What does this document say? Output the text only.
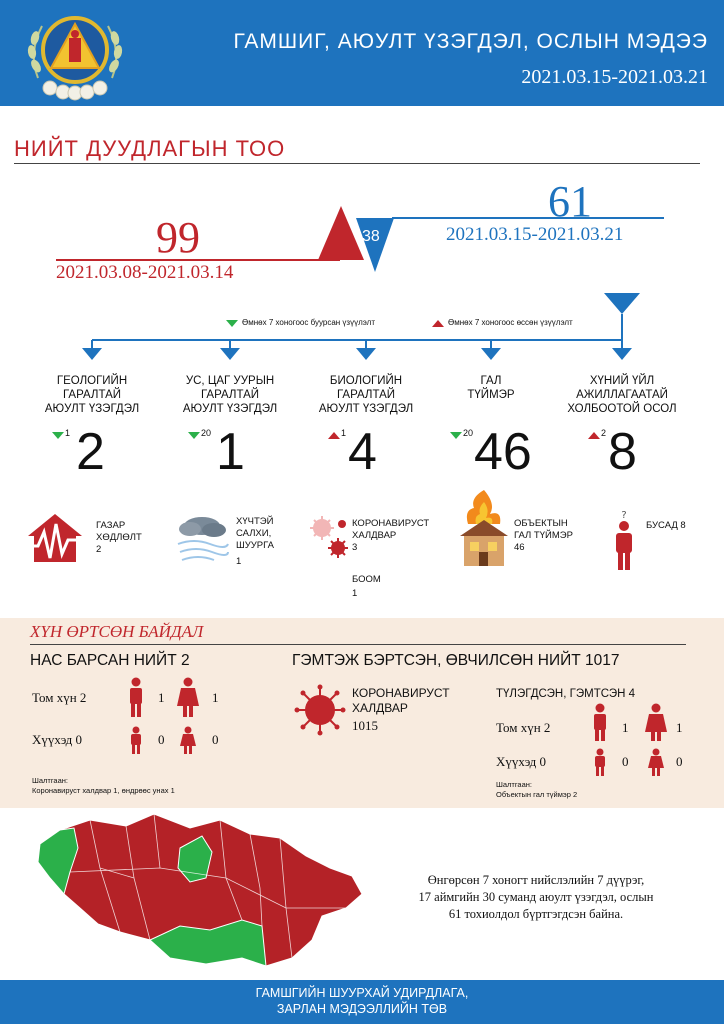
ГАМШИГ, АЮУЛТ ҮЗЭГДЭЛ, ОСЛЫН МЭДЭЭ
2021.03.15-2021.03.21
НИЙТ ДУУДЛАГЫН ТОО
99
2021.03.08-2021.03.14
61
2021.03.15-2021.03.21
38
Өмнөх 7 хоногоос буурсан үзүүлэлт	Өмнөх 7 хоногоос өссөн үзүүлэлт
ГЕОЛОГИЙН
ГАРАЛТАЙ
АЮУЛТ ҮЗЭГДЭЛ
УС, ЦАГ УУРЫН
ГАРАЛТАЙ
АЮУЛТ ҮЗЭГДЭЛ
БИОЛОГИЙН
ГАРАЛТАЙ
АЮУЛТ ҮЗЭГДЭЛ
ГАЛ
ТҮЙМЭР
ХҮНИЙ ҮЙЛ
АЖИЛЛАГААТАЙ
ХОЛБООТОЙ ОСОЛ
1	20	1	20	2
2 1 4 46 8
ГАЗАР
ХӨДЛӨЛТ
2
ХҮЧТЭЙ
САЛХИ,
ШУУРГА
1
КОРОНАВИРУСТ
ХАЛДВАР
3
БООМ
1
ОБЪЕКТЫН
ГАЛ ТҮЙМЭР
46
?
БУСАД 8
ХҮН ӨРТСӨН БАЙДАЛ
НАС БАРСАН НИЙТ 2
Том хүн 2	1	1
Хүүхэд 0	0	0
Шалтгаан:
Коронавируст халдвар 1, өндрөөс унах 1
ГЭМТЭЖ БЭРТСЭН, ӨВЧИЛСӨН НИЙТ 1017
КОРОНАВИРУСТ
ХАЛДВАР
1015
ТҮЛЭГДСЭН, ГЭМТСЭН 4
Том хүн 2	1	1
Хүүхэд 0	0	0
Шалтгаан:
Объектын гал түймэр 2
Өнгөрсөн 7 хоногт нийслэлийн 7 дүүрэг,
17 аймгийн 30 суманд аюулт үзэгдэл, ослын
61 тохиолдол бүртгэгдсэн байна.
ГАМШГИЙН ШУУРХАЙ УДИРДЛАГА,
ЗАРЛАН МЭДЭЭЛЛИЙН ТӨВ
